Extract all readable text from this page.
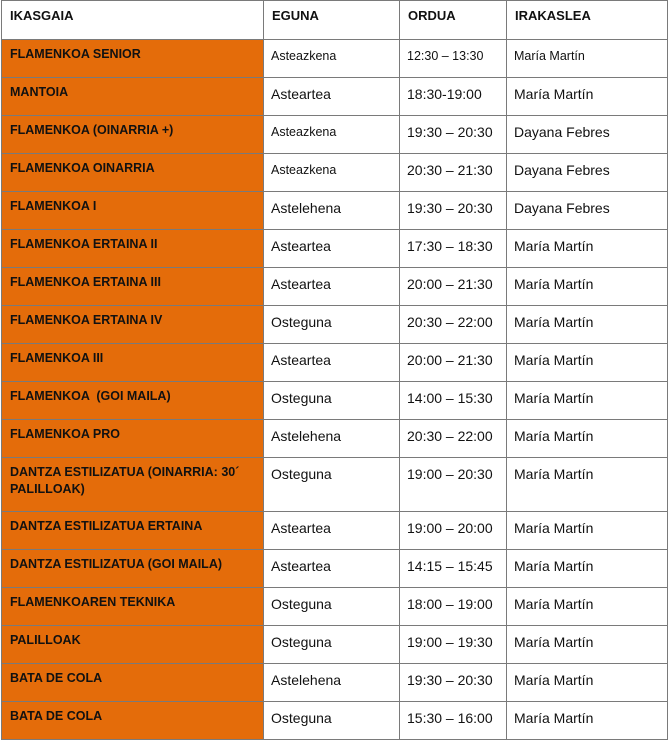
IKASGAIA	EGUNA	ORDUA	IRAKASLEA

FLAMENKOA SENIOR	Asteazkena	12:30 – 13:30	María Martín

MANTOIA	Asteartea	18:30-19:00	María Martín

FLAMENKOA (OINARRIA +)	Asteazkena	19:30 – 20:30	Dayana Febres

FLAMENKOA OINARRIA	Asteazkena	20:30 – 21:30	Dayana Febres

FLAMENKOA I	Astelehena	19:30 – 20:30	Dayana Febres

FLAMENKOA ERTAINA II	Asteartea	17:30 – 18:30	María Martín

FLAMENKOA ERTAINA III	Asteartea	20:00 – 21:30	María Martín

FLAMENKOA ERTAINA IV	Osteguna	20:30 – 22:00	María Martín

FLAMENKOA III	Asteartea	20:00 – 21:30	María Martín

FLAMENKOA  (GOI MAILA)	Osteguna	14:00 – 15:30	María Martín

FLAMENKOA PRO	Astelehena	20:30 – 22:00	María Martín

DANTZA ESTILIZATUA (OINARRIA: 30´ PALILLOAK)	Osteguna	19:00 – 20:30	María Martín

DANTZA ESTILIZATUA ERTAINA	Asteartea	19:00 – 20:00	María Martín

DANTZA ESTILIZATUA (GOI MAILA)	Asteartea	14:15 – 15:45	María Martín

FLAMENKOAREN TEKNIKA	Osteguna	18:00 – 19:00	María Martín

PALILLOAK	Osteguna	19:00 – 19:30	María Martín

BATA DE COLA	Astelehena	19:30 – 20:30	María Martín

BATA DE COLA	Osteguna	15:30 – 16:00	María Martín
